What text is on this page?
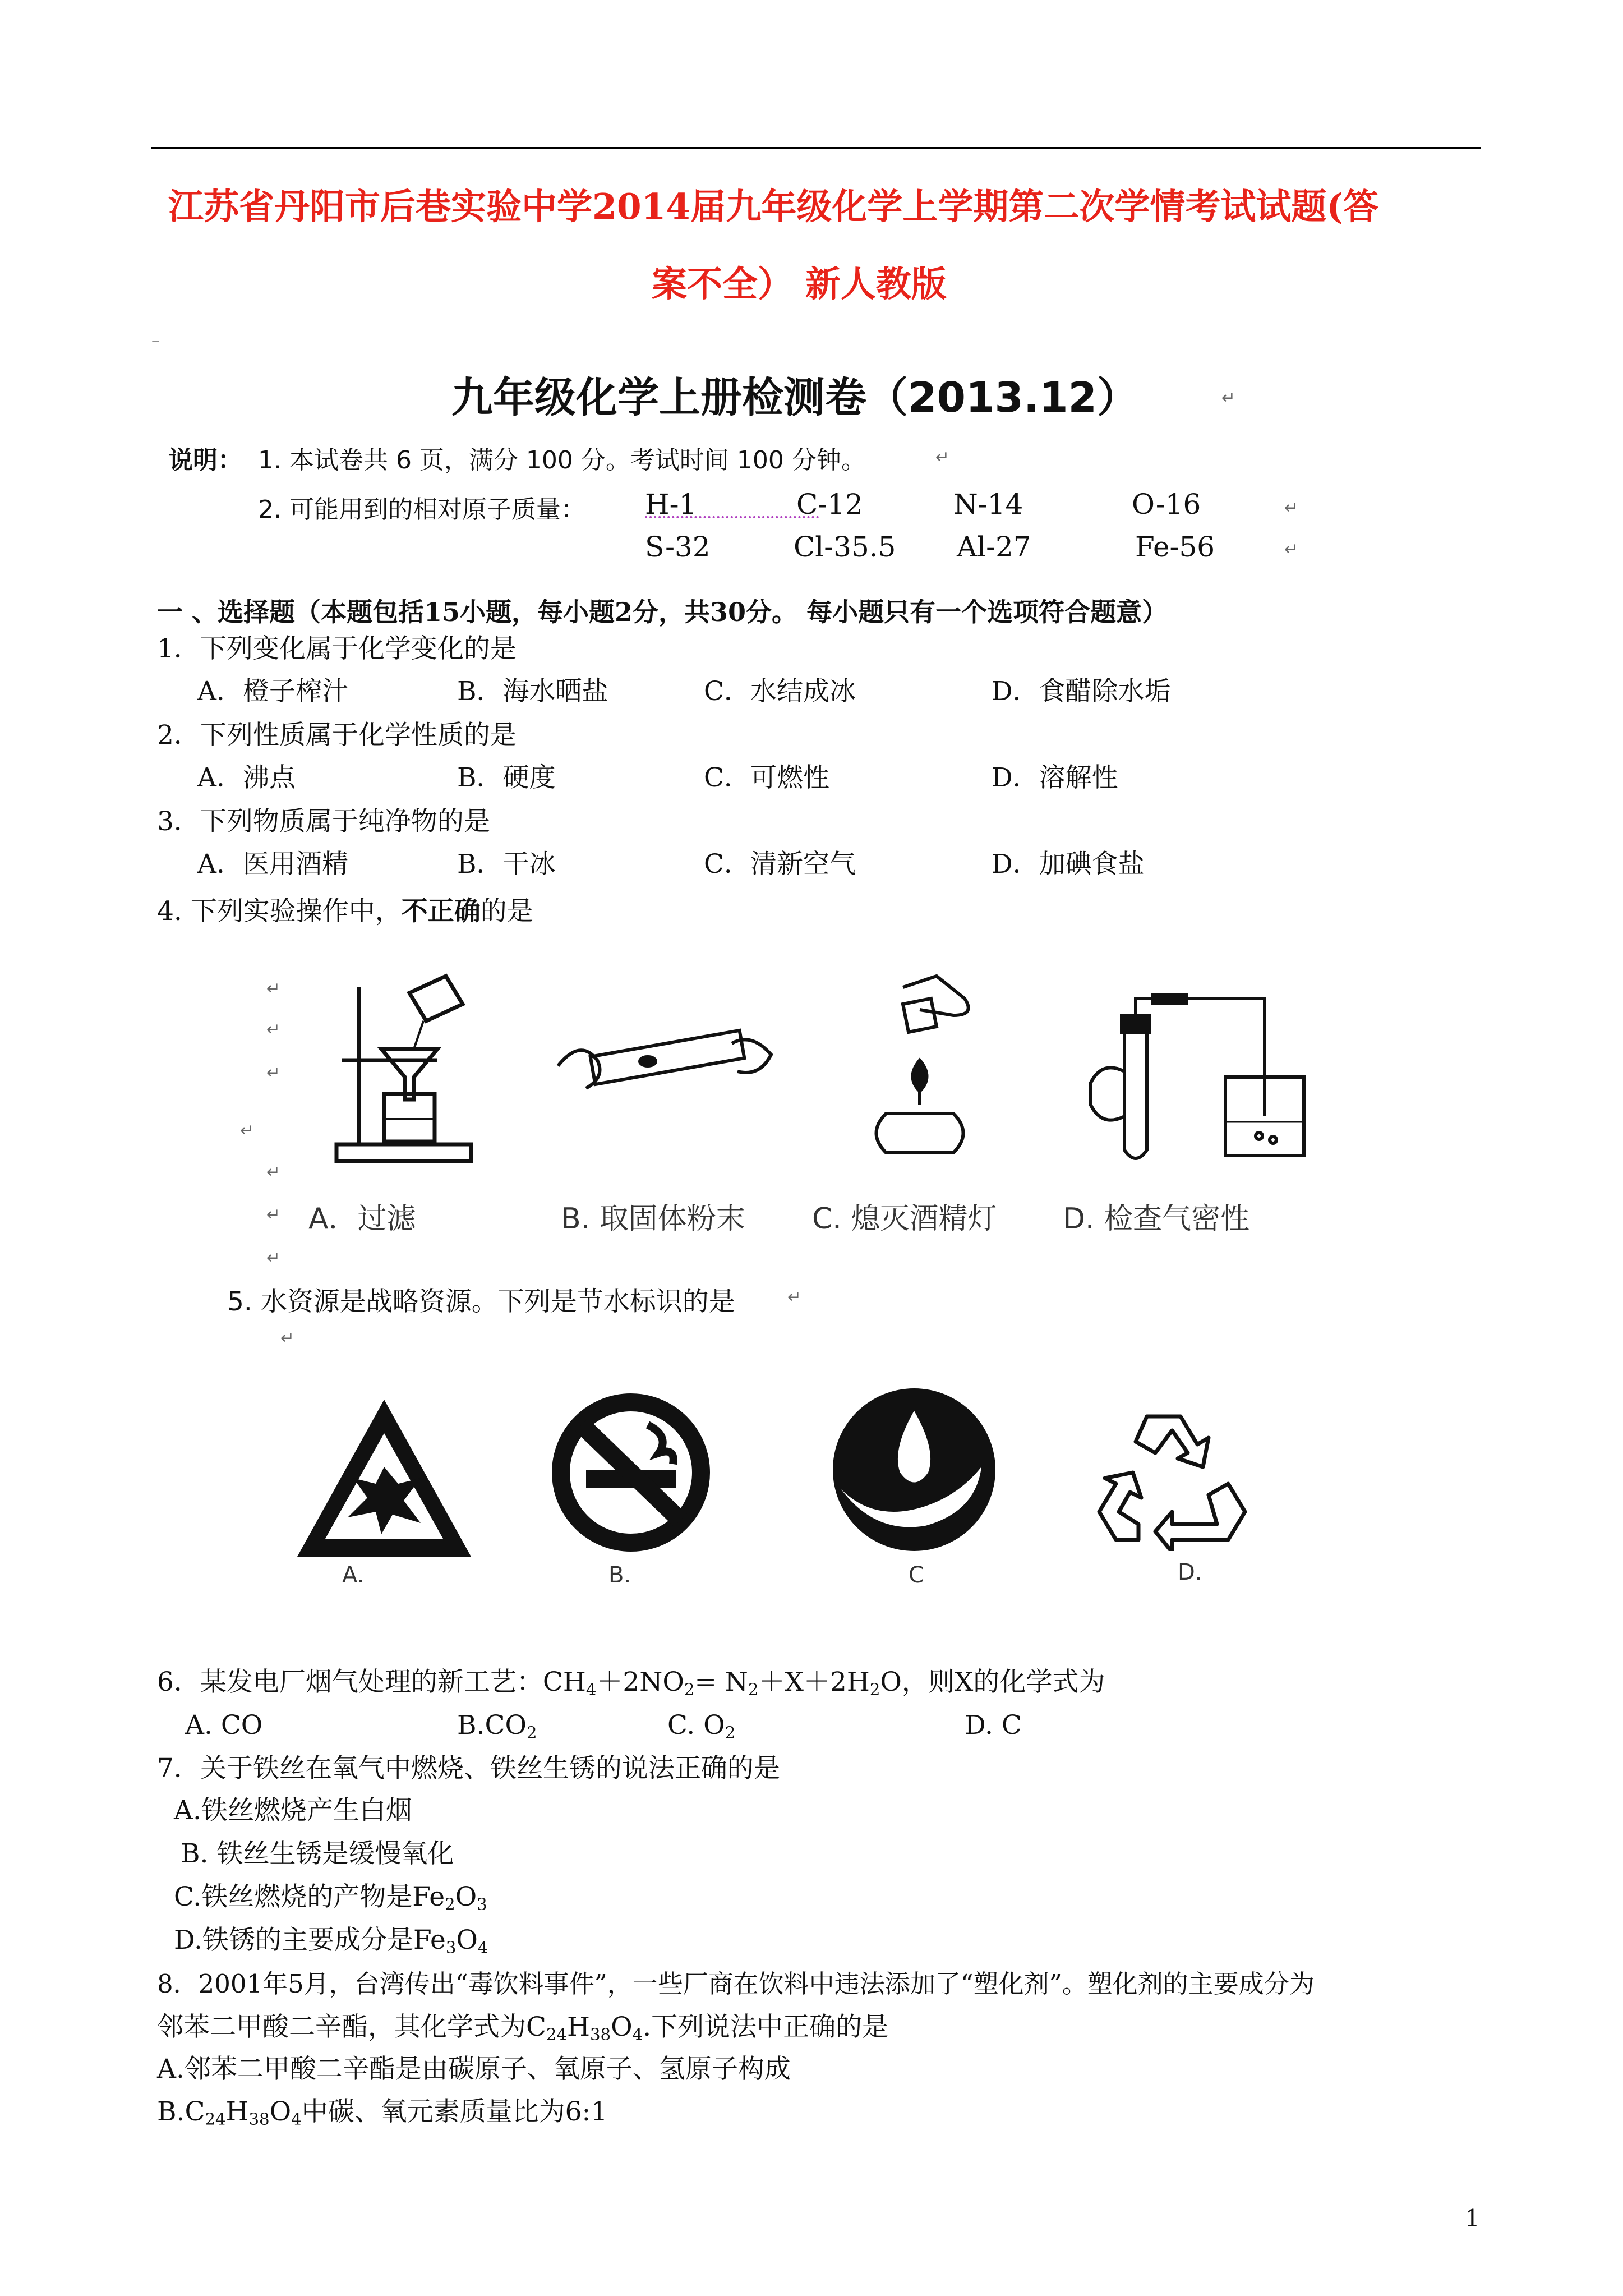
江苏省丹阳市后巷实验中学2014届九年级化学上学期第二次学情考试试题(答
案不全） 新人教版
–
九年级化学上册检测卷（2013.12）	↵
说明： 1. 本试卷共 6 页，满分 100 分。考试时间 100 分钟。	↵
2. 可能用到的相对原子质量： H-1	C-12	N-14	O-16	↵
S-32	Cl-35.5 Al-27	Fe-56	↵
一 、选择题（本题包括15小题，每小题2分，共30分。 每小题只有一个选项符合题意）
1．下列变化属于化学变化的是
A．橙子榨汁	B．海水晒盐	C．水结成冰	D．食醋除水垢
2．下列性质属于化学性质的是
A．沸点	B．硬度	C．可燃性	D．溶解性
3．下列物质属于纯净物的是
A．医用酒精	B．干冰	C．清新空气	D．加碘食盐
4. 下列实验操作中，不正确的是
↵
↵
↵
↵
↵
↵
↵
A．过滤	B. 取固体粉末 C. 熄灭酒精灯 D. 检查气密性
5. 水资源是战略资源。下列是节水标识的是	↵
↵
A.	B.	C	D.
6．某发电厂烟气处理的新工艺：$CH_4+2NO_2= N_2+X+2H_2O$，则X的化学式为
A. CO	$B.CO_2$	C. $O_2$	D. C
7．关于铁丝在氧气中燃烧、铁丝生锈的说法正确的是
A.铁丝燃烧产生白烟
B. 铁丝生锈是缓慢氧化
C.铁丝燃烧的产物是$Fe_2O_3$
D.铁锈的主要成分是$Fe_3O_4$
8．2001年5月，台湾传出“毒饮料事件”，一些厂商在饮料中违法添加了“塑化剂”。塑化剂的主要成分为
邻苯二甲酸二辛酯，其化学式为$C_{24}H_{38}O_4$.下列说法中正确的是
A.邻苯二甲酸二辛酯是由碳原子、氧原子、氢原子构成
$B.C_{24}H_{38}O_4$中碳、氧元素质量比为6:1
1
